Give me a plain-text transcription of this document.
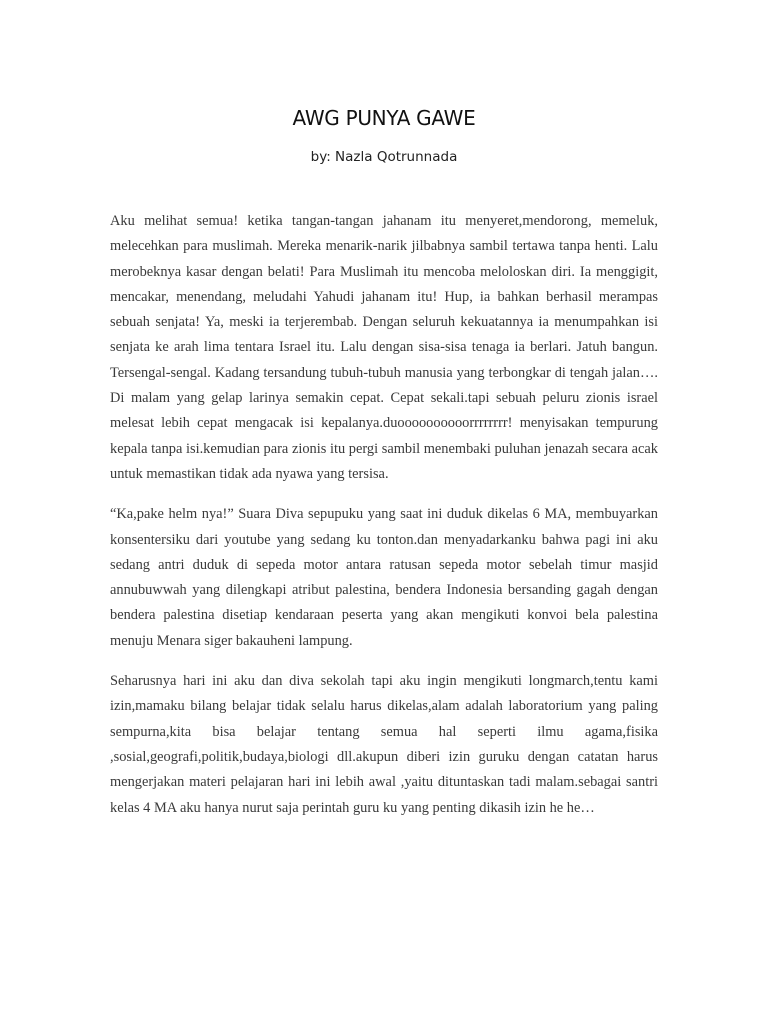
AWG PUNYA GAWE
by: Nazla Qotrunnada

Aku melihat semua! ketika tangan-tangan jahanam itu menyeret,mendorong, memeluk, melecehkan para muslimah. Mereka menarik-narik jilbabnya sambil tertawa tanpa henti. Lalu merobeknya kasar dengan belati! Para Muslimah itu mencoba meloloskan diri. Ia menggigit, mencakar, menendang, meludahi Yahudi jahanam itu! Hup, ia bahkan berhasil merampas sebuah senjata! Ya, meski ia terjerembab. Dengan seluruh kekuatannya ia menumpahkan isi senjata ke arah lima tentara Israel itu. Lalu dengan sisa-sisa tenaga ia berlari. Jatuh bangun. Tersengal-sengal. Kadang tersandung tubuh-tubuh manusia yang terbongkar di tengah jalan…. Di malam yang gelap larinya semakin cepat. Cepat sekali.tapi sebuah peluru zionis israel melesat lebih cepat mengacak isi kepalanya.duoooooooooorrrrrrrr! menyisakan tempurung kepala tanpa isi.kemudian para zionis itu pergi sambil menembaki puluhan jenazah secara acak untuk memastikan tidak ada nyawa yang tersisa.

“Ka,pake helm nya!” Suara Diva sepupuku yang saat ini duduk dikelas 6 MA, membuyarkan konsentersiku dari youtube yang sedang ku tonton.dan menyadarkanku bahwa pagi ini aku sedang antri duduk di sepeda motor antara ratusan sepeda motor sebelah timur masjid annubuwwah yang dilengkapi atribut palestina, bendera Indonesia bersanding gagah dengan bendera palestina disetiap kendaraan peserta yang akan mengikuti konvoi bela palestina menuju Menara siger bakauheni lampung.

Seharusnya hari ini aku dan diva sekolah tapi aku ingin mengikuti longmarch,tentu kami izin,mamaku bilang belajar tidak selalu harus dikelas,alam adalah laboratorium yang paling sempurna,kita bisa belajar tentang semua hal seperti ilmu agama,fisika ,sosial,geografi,politik,budaya,biologi dll.akupun diberi izin guruku dengan catatan harus mengerjakan materi pelajaran hari ini lebih awal ,yaitu dituntaskan tadi malam.sebagai santri kelas 4 MA aku hanya nurut saja perintah guru ku yang penting dikasih izin he he…
